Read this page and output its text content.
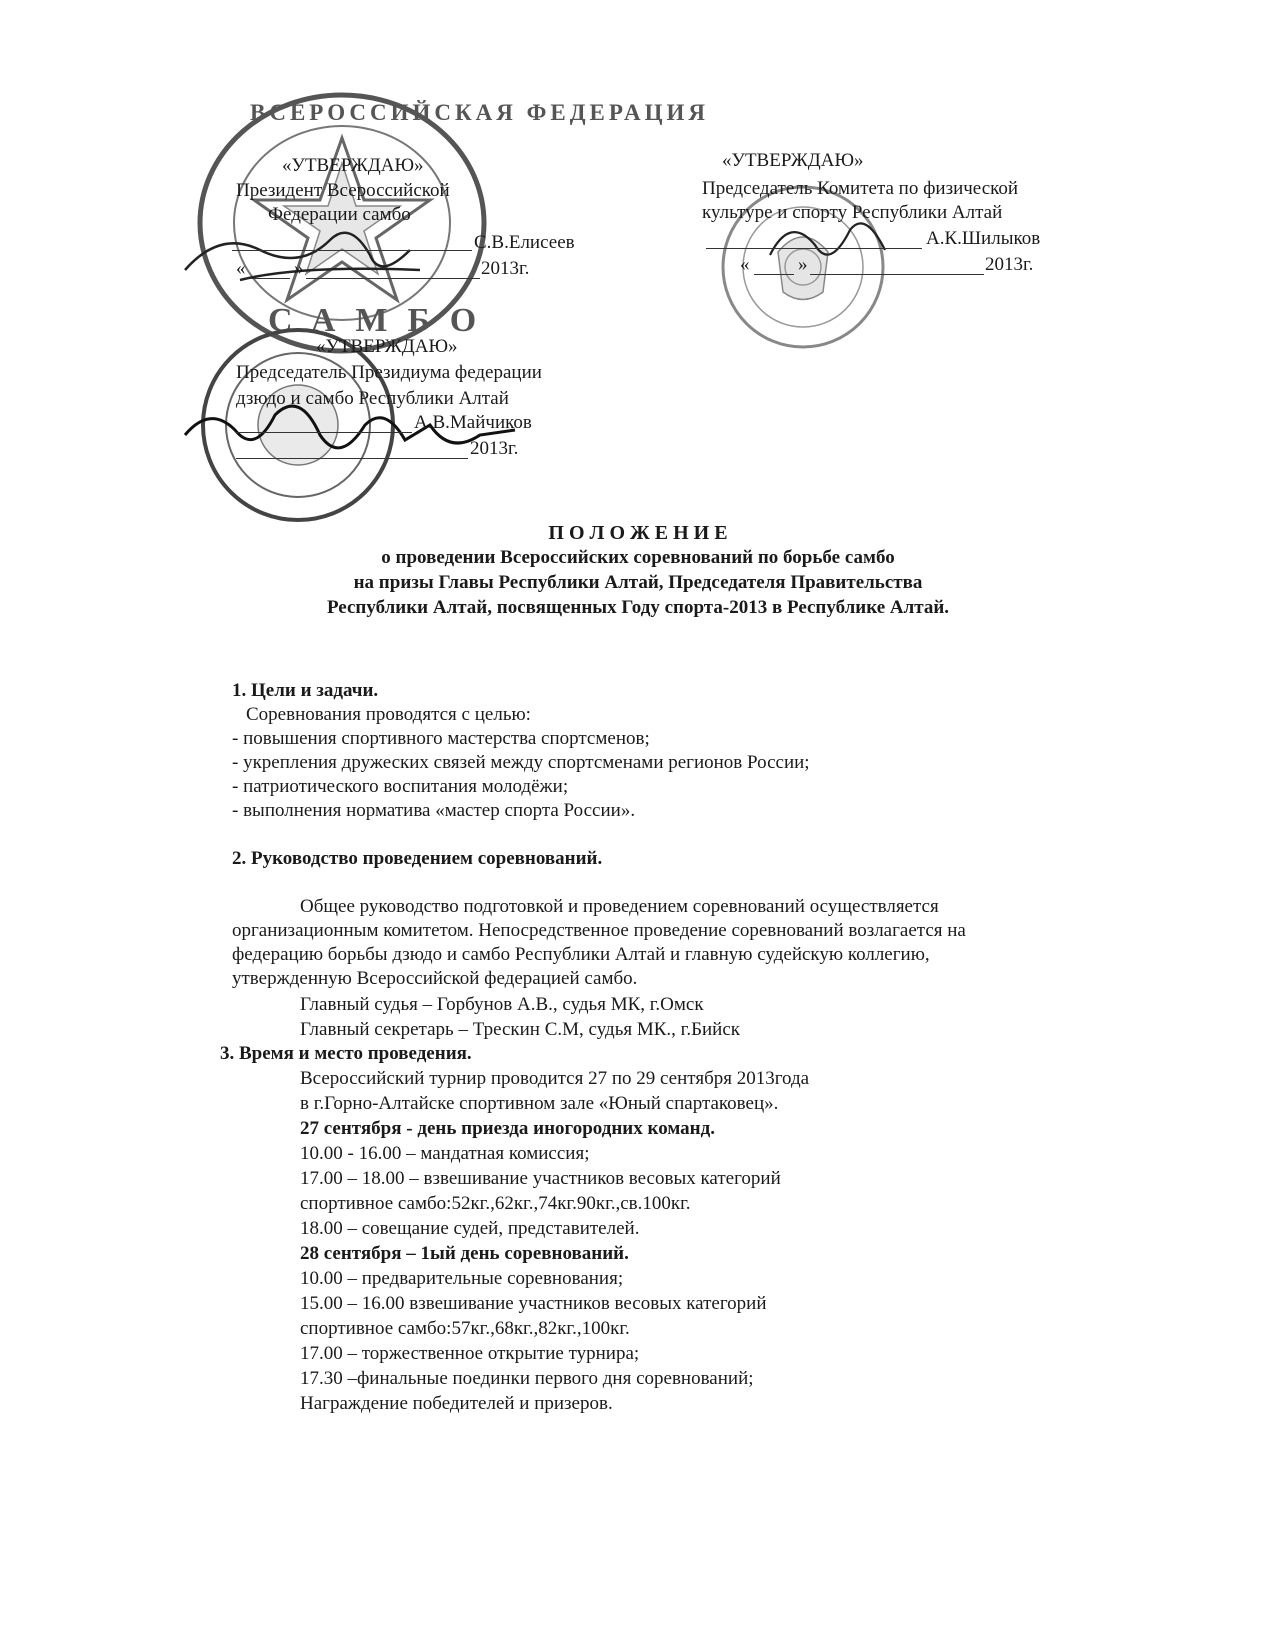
ВСЕРОССИЙСКАЯ ФЕДЕРАЦИЯ
САМБО
«УТВЕРЖДАЮ»
Президент Всероссийской
Федерации самбо
С.В.Елисеев
«	»	2013г.
«УТВЕРЖДАЮ»
Председатель Комитета по физической
культуре и спорту Республики Алтай
А.К.Шилыков
«	»	2013г.
«УТВЕРЖДАЮ»
Председатель Президиума федерации
дзюдо и самбо Республики Алтай
А.В.Майчиков
2013г.
П О Л О Ж Е Н И Е
о проведении Всероссийских соревнований по борьбе самбо
на призы Главы Республики Алтай, Председателя Правительства
Республики Алтай, посвященных Году спорта-2013 в Республике Алтай.
1. Цели и задачи.
Соревнования проводятся с целью:
- повышения спортивного мастерства спортсменов;
- укрепления дружеских связей между спортсменами регионов России;
- патриотического воспитания молодёжи;
- выполнения норматива «мастер спорта России».
2. Руководство проведением соревнований.
Общее руководство подготовкой и проведением соревнований осуществляется
организационным комитетом. Непосредственное проведение соревнований возлагается на
федерацию борьбы дзюдо и самбо Республики Алтай и главную судейскую коллегию,
утвержденную Всероссийской федерацией самбо.
Главный судья – Горбунов А.В., судья МК, г.Омск
Главный секретарь – Трескин С.М, судья МК., г.Бийск
3. Время и место проведения.
Всероссийский турнир проводится 27 по 29 сентября 2013года
в г.Горно-Алтайске спортивном зале «Юный спартаковец».
27 сентября - день приезда иногородних команд.
10.00 - 16.00 – мандатная комиссия;
17.00 – 18.00 – взвешивание участников весовых категорий
спортивное самбо:52кг.,62кг.,74кг.90кг.,св.100кг.
18.00 – совещание судей, представителей.
28 сентября – 1ый день соревнований.
10.00 – предварительные соревнования;
15.00 – 16.00 взвешивание участников весовых категорий
спортивное самбо:57кг.,68кг.,82кг.,100кг.
17.00 – торжественное открытие турнира;
17.30 –финальные поединки первого дня соревнований;
Награждение победителей и призеров.
